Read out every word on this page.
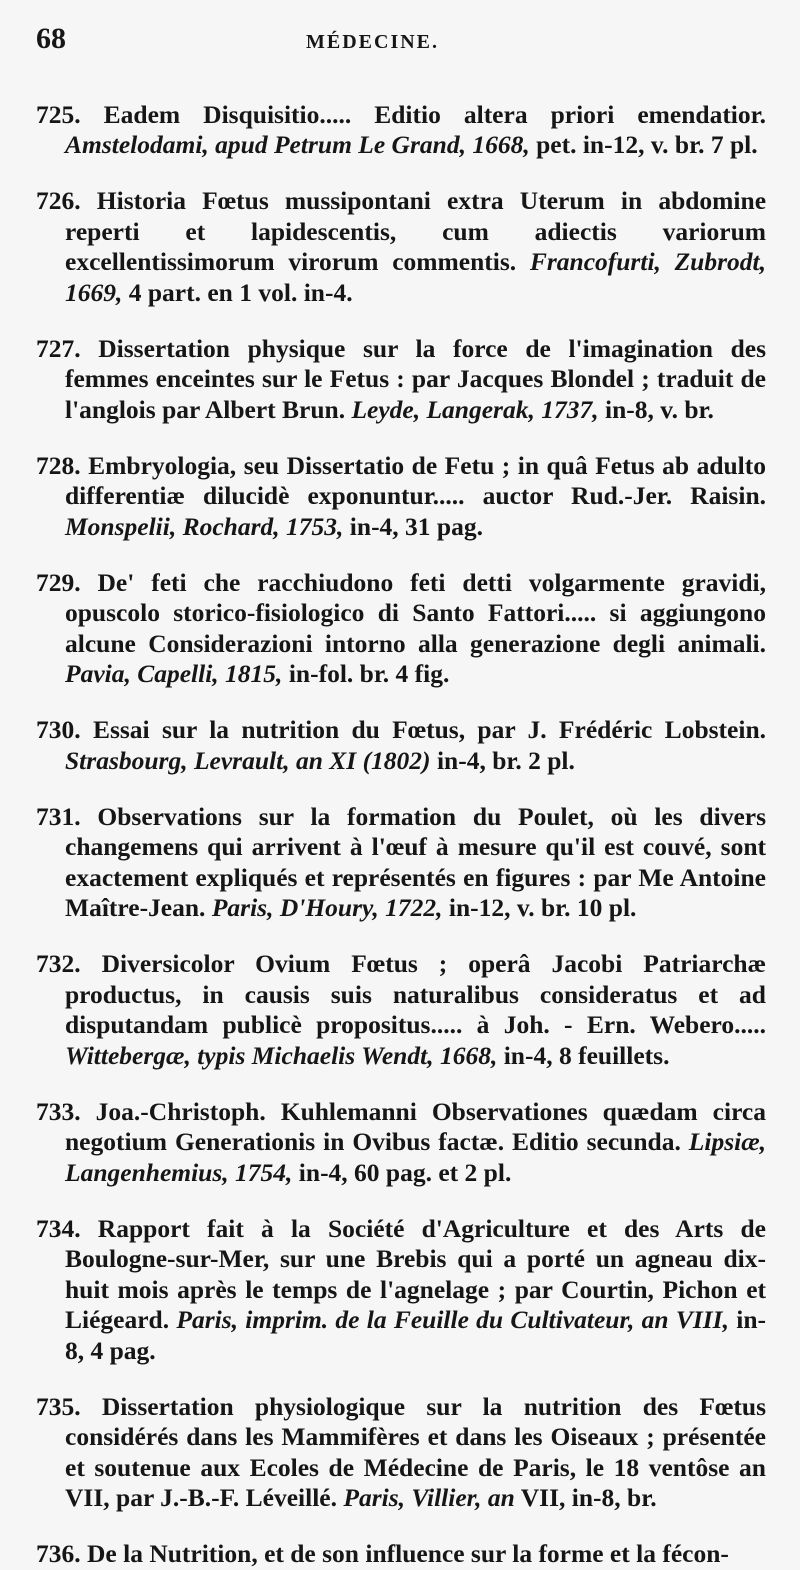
68	MÉDECINE.

725. Eadem Disquisitio..... Editio altera priori emendatior. Amstelodami, apud Petrum Le Grand, 1668, pet. in-12, v. br. 7 pl.

726. Historia Fœtus mussipontani extra Uterum in abdomine reperti et lapidescentis, cum adiectis variorum excellentissimorum virorum commentis. Francofurti, Zubrodt, 1669, 4 part. en 1 vol. in-4.

727. Dissertation physique sur la force de l'imagination des femmes enceintes sur le Fetus : par Jacques Blondel ; traduit de l'anglois par Albert Brun. Leyde, Langerak, 1737, in-8, v. br.

728. Embryologia, seu Dissertatio de Fetu ; in quâ Fetus ab adulto differentiæ dilucidè exponuntur..... auctor Rud.-Jer. Raisin. Monspelii, Rochard, 1753, in-4, 31 pag.

729. De' feti che racchiudono feti detti volgarmente gravidi, opuscolo storico-fisiologico di Santo Fattori..... si aggiungono alcune Considerazioni intorno alla generazione degli animali. Pavia, Capelli, 1815, in-fol. br. 4 fig.

730. Essai sur la nutrition du Fœtus, par J. Frédéric Lobstein. Strasbourg, Levrault, an XI (1802) in-4, br. 2 pl.

731. Observations sur la formation du Poulet, où les divers changemens qui arrivent à l'œuf à mesure qu'il est couvé, sont exactement expliqués et représentés en figures : par Me Antoine Maître-Jean. Paris, D'Houry, 1722, in-12, v. br. 10 pl.

732. Diversicolor Ovium Fœtus ; operâ Jacobi Patriarchæ productus, in causis suis naturalibus consideratus et ad disputandam publicè propositus..... à Joh. - Ern. Webero..... Wittebergæ, typis Michaelis Wendt, 1668, in-4, 8 feuillets.

733. Joa.-Christoph. Kuhlemanni Observationes quædam circa negotium Generationis in Ovibus factæ. Editio secunda. Lipsiæ, Langenhemius, 1754, in-4, 60 pag. et 2 pl.

734. Rapport fait à la Société d'Agriculture et des Arts de Boulogne-sur-Mer, sur une Brebis qui a porté un agneau dix-huit mois après le temps de l'agnelage ; par Courtin, Pichon et Liégeard. Paris, imprim. de la Feuille du Cultivateur, an VIII, in-8, 4 pag.

735. Dissertation physiologique sur la nutrition des Fœtus considérés dans les Mammifères et dans les Oiseaux ; présentée et soutenue aux Ecoles de Médecine de Paris, le 18 ventôse an VII, par J.-B.-F. Léveillé. Paris, Villier, an VII, in-8, br.

736. De la Nutrition, et de son influence sur la forme et la fécon-
